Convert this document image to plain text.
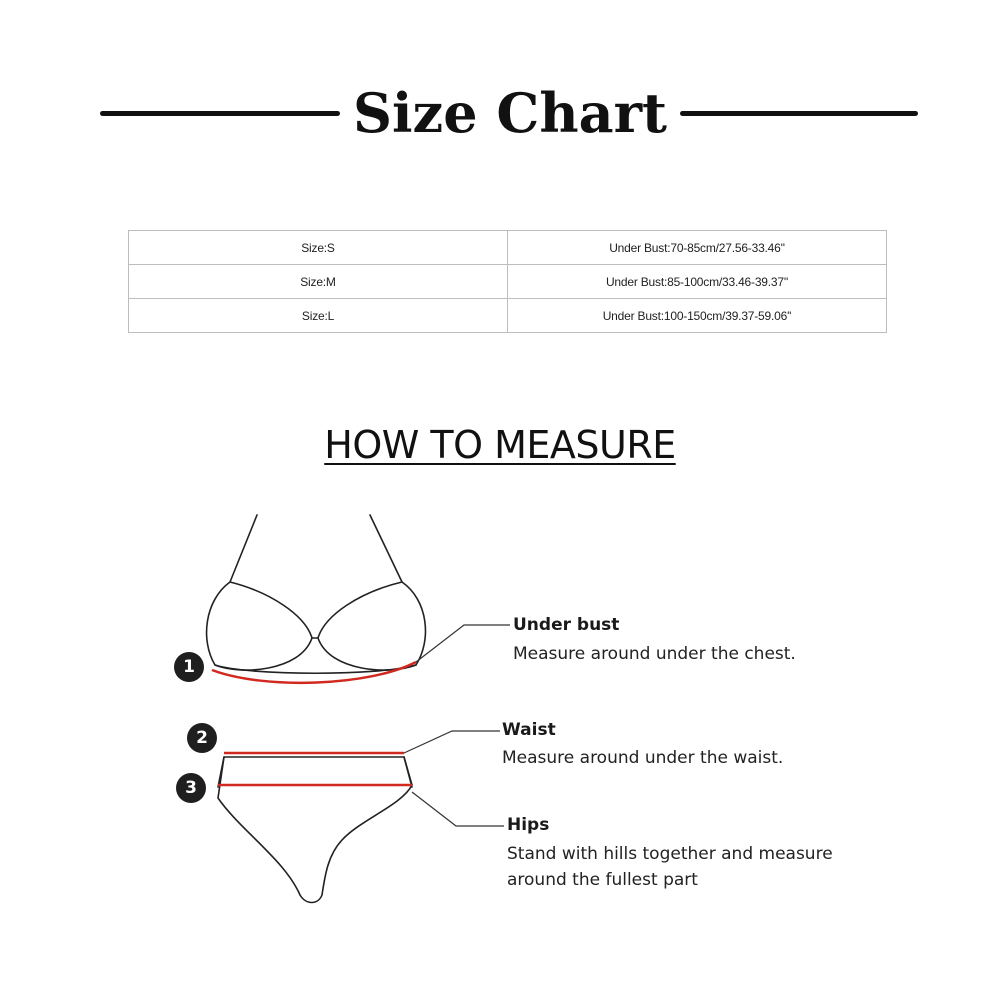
Size Chart
Size:S	Under Bust:70-85cm/27.56-33.46''
Size:M	Under Bust:85-100cm/33.46-39.37''
Size:L	Under Bust:100-150cm/39.37-59.06''
HOW TO MEASURE
1
2
3
Under bust
Measure around under the chest.
Waist
Measure around under the waist.
Hips
Stand with hills together and measure
around the fullest part
